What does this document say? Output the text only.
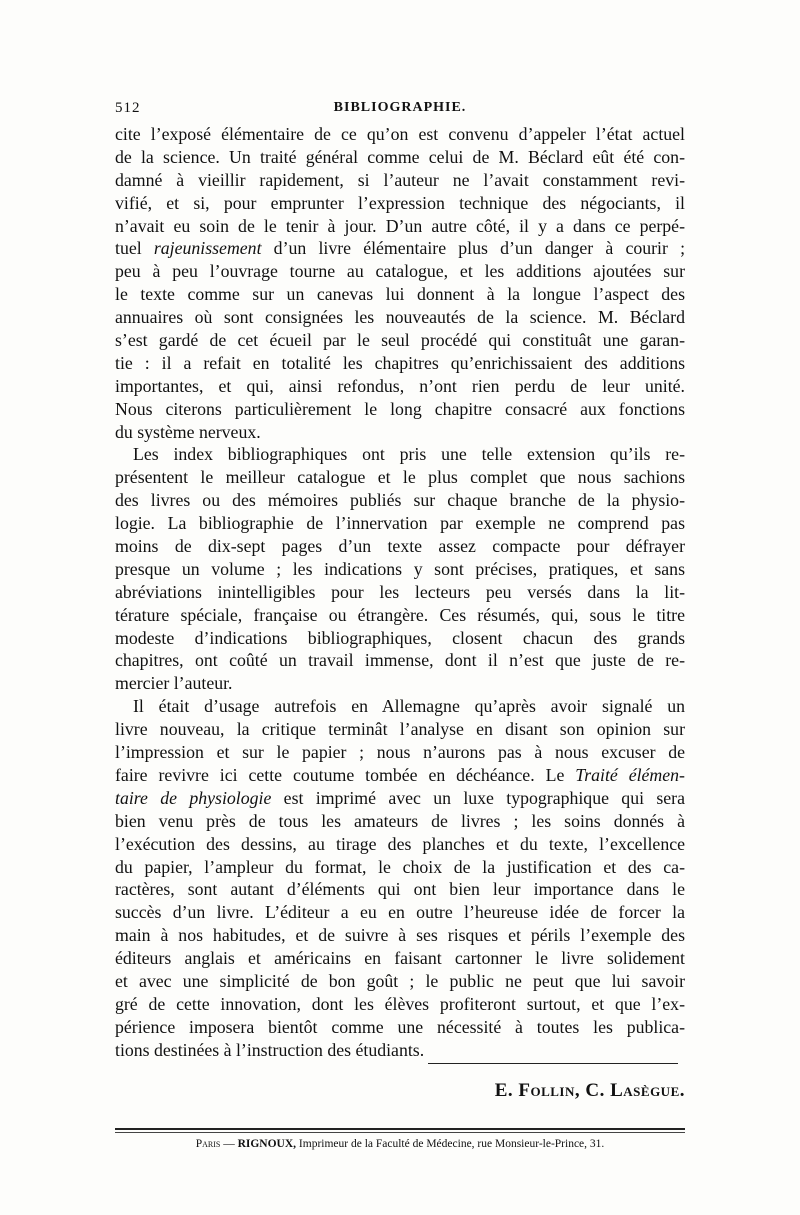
512	BIBLIOGRAPHIE.
cite l’exposé élémentaire de ce qu’on est convenu d’appeler l’état actuel
de la science. Un traité général comme celui de M. Béclard eût été con-
damné à vieillir rapidement, si l’auteur ne l’avait constamment revi-
vifié, et si, pour emprunter l’expression technique des négociants, il
n’avait eu soin de le tenir à jour. D’un autre côté, il y a dans ce perpé-
tuel rajeunissement d’un livre élémentaire plus d’un danger à courir ;
peu à peu l’ouvrage tourne au catalogue, et les additions ajoutées sur
le texte comme sur un canevas lui donnent à la longue l’aspect des
annuaires où sont consignées les nouveautés de la science. M. Béclard
s’est gardé de cet écueil par le seul procédé qui constituât une garan-
tie : il a refait en totalité les chapitres qu’enrichissaient des additions
importantes, et qui, ainsi refondus, n’ont rien perdu de leur unité.
Nous citerons particulièrement le long chapitre consacré aux fonctions
du système nerveux.
Les index bibliographiques ont pris une telle extension qu’ils re-
présentent le meilleur catalogue et le plus complet que nous sachions
des livres ou des mémoires publiés sur chaque branche de la physio-
logie. La bibliographie de l’innervation par exemple ne comprend pas
moins de dix-sept pages d’un texte assez compacte pour défrayer
presque un volume ; les indications y sont précises, pratiques, et sans
abréviations inintelligibles pour les lecteurs peu versés dans la lit-
térature spéciale, française ou étrangère. Ces résumés, qui, sous le titre
modeste d’indications bibliographiques, closent chacun des grands
chapitres, ont coûté un travail immense, dont il n’est que juste de re-
mercier l’auteur.
Il était d’usage autrefois en Allemagne qu’après avoir signalé un
livre nouveau, la critique terminât l’analyse en disant son opinion sur
l’impression et sur le papier ; nous n’aurons pas à nous excuser de
faire revivre ici cette coutume tombée en déchéance. Le Traité élémen-
taire de physiologie est imprimé avec un luxe typographique qui sera
bien venu près de tous les amateurs de livres ; les soins donnés à
l’exécution des dessins, au tirage des planches et du texte, l’excellence
du papier, l’ampleur du format, le choix de la justification et des ca-
ractères, sont autant d’éléments qui ont bien leur importance dans le
succès d’un livre. L’éditeur a eu en outre l’heureuse idée de forcer la
main à nos habitudes, et de suivre à ses risques et périls l’exemple des
éditeurs anglais et américains en faisant cartonner le livre solidement
et avec une simplicité de bon goût ; le public ne peut que lui savoir
gré de cette innovation, dont les élèves profiteront surtout, et que l’ex-
périence imposera bientôt comme une nécessité à toutes les publica-
tions destinées à l’instruction des étudiants.
E. Follin, C. Lasègue.
Paris — RIGNOUX, Imprimeur de la Faculté de Médecine, rue Monsieur-le-Prince, 31.
